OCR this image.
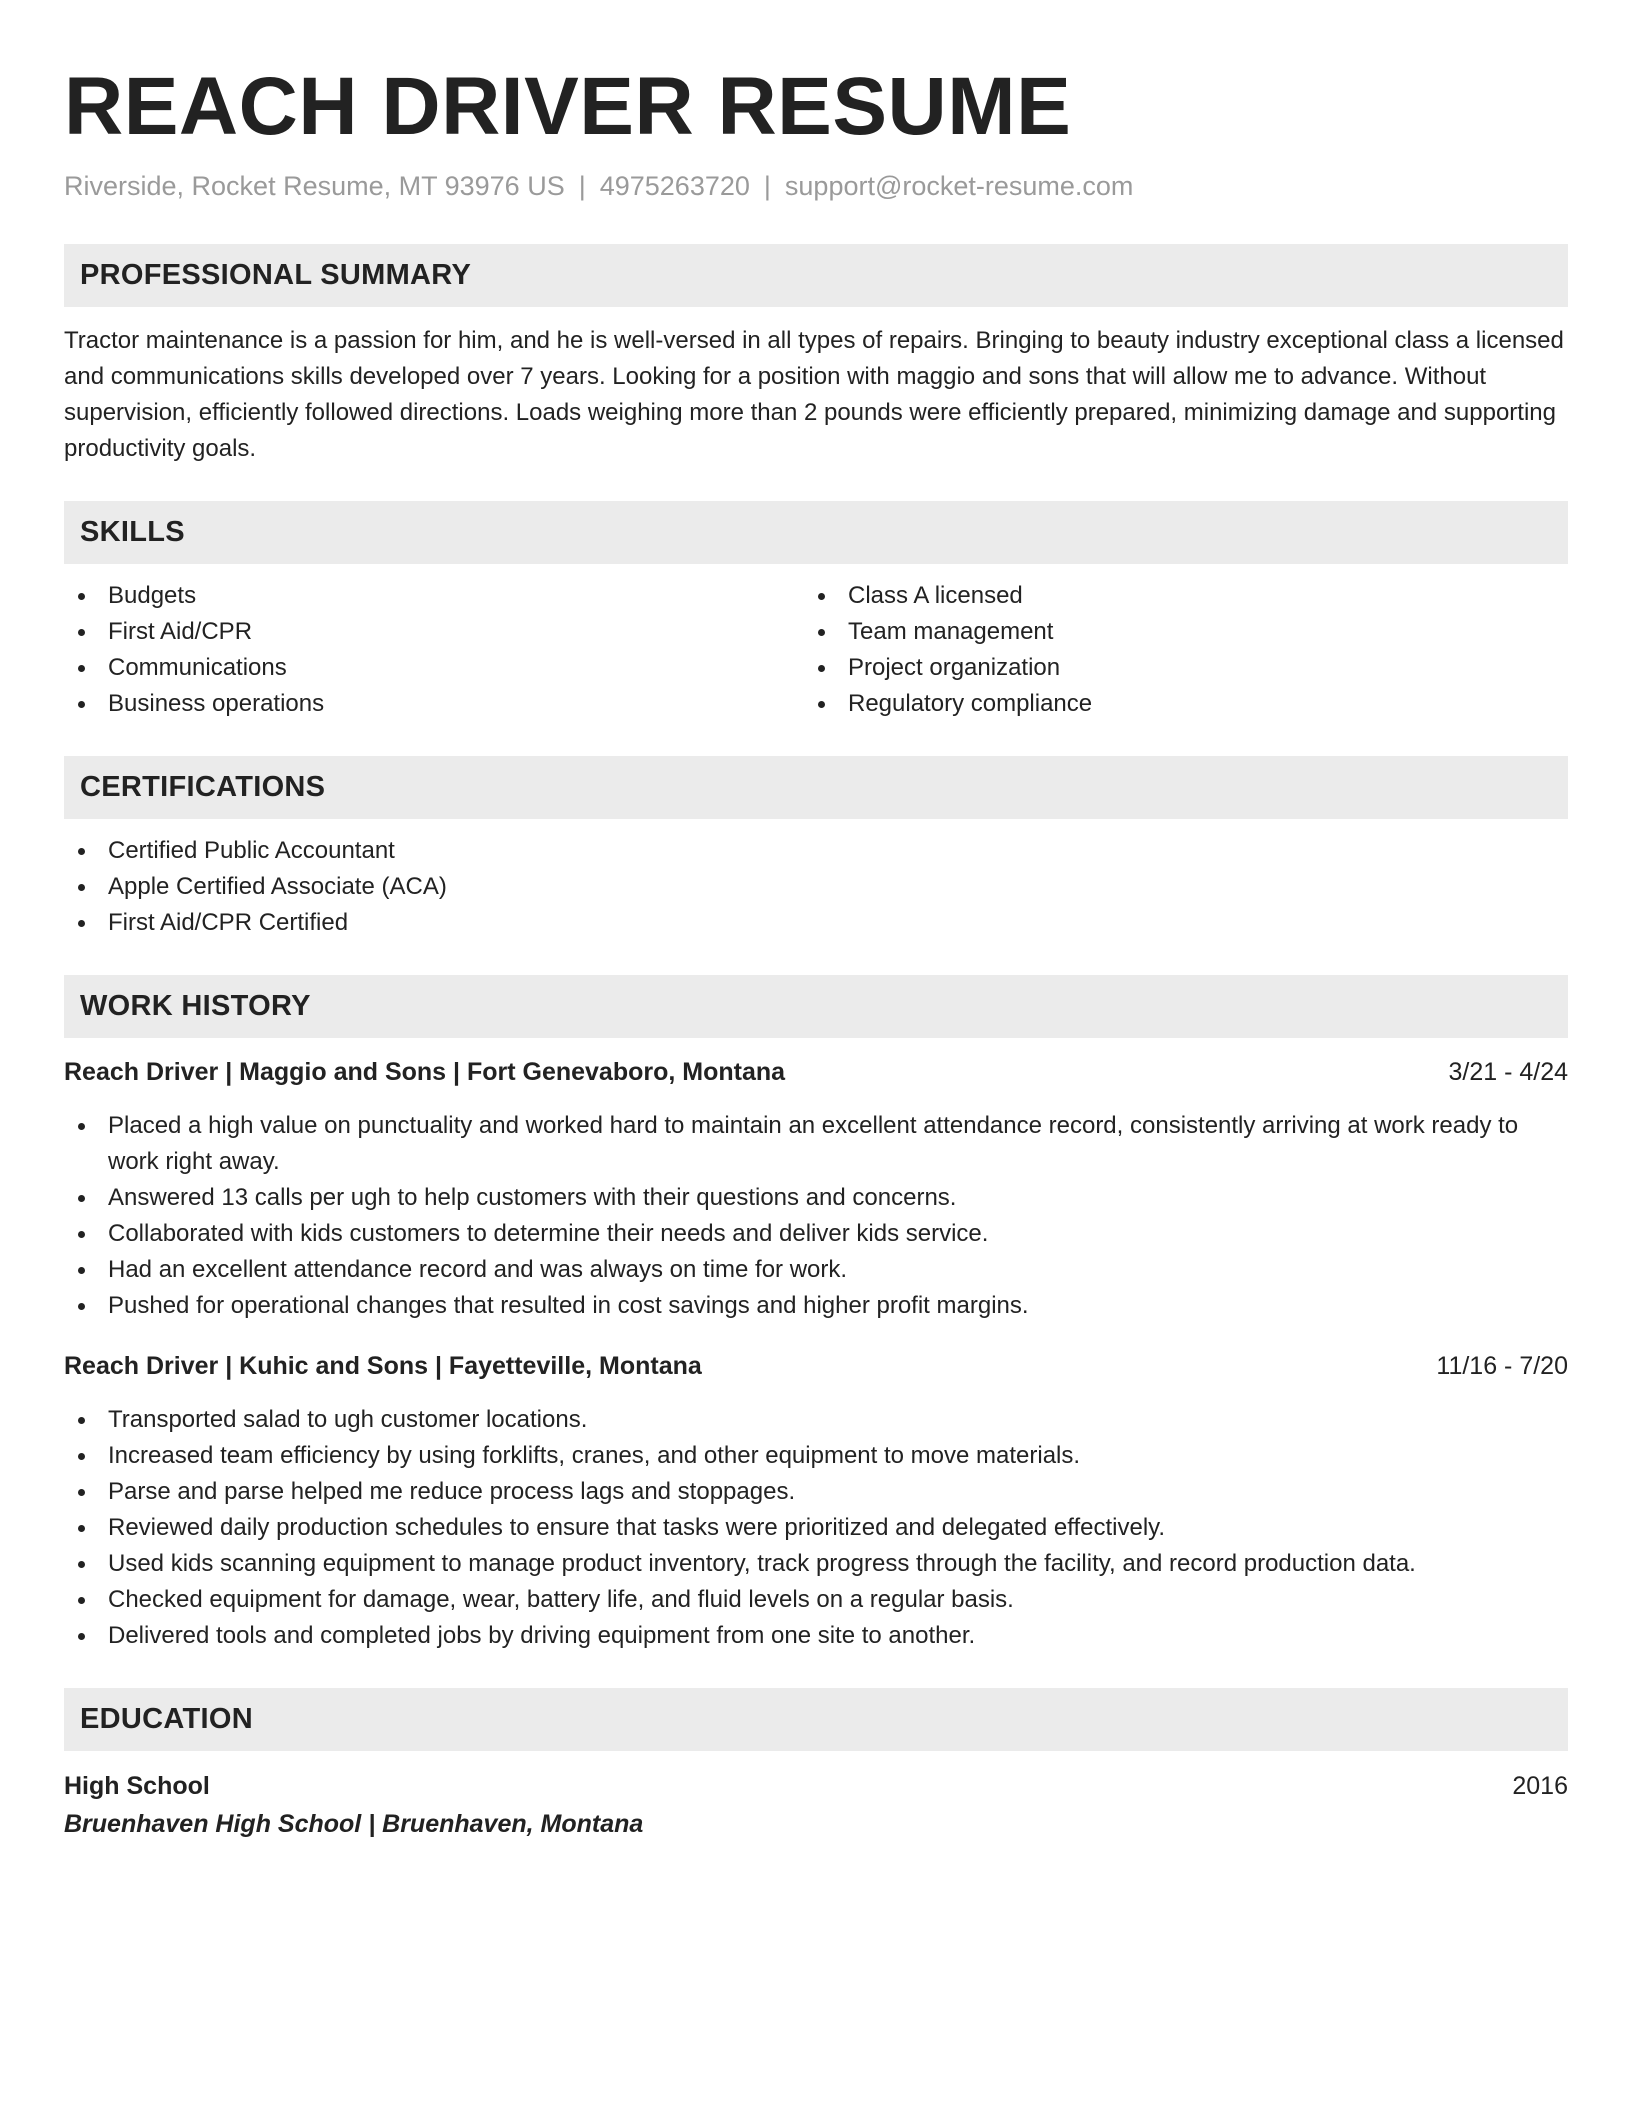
REACH DRIVER RESUME
Riverside, Rocket Resume, MT 93976 US | 4975263720 | support@rocket-resume.com
PROFESSIONAL SUMMARY

Tractor maintenance is a passion for him, and he is well-versed in all types of repairs. Bringing to beauty industry exceptional class a licensed and communications skills developed over 7 years. Looking for a position with maggio and sons that will allow me to advance. Without supervision, efficiently followed directions. Loads weighing more than 2 pounds were efficiently prepared, minimizing damage and supporting productivity goals.

SKILLS
Budgets
First Aid/CPR
Communications
Business operations
Class A licensed
Team management
Project organization
Regulatory compliance
CERTIFICATIONS
Certified Public Accountant
Apple Certified Associate (ACA)
First Aid/CPR Certified
WORK HISTORY
Reach Driver | Maggio and Sons | Fort Genevaboro, Montana	3/21 - 4/24
Placed a high value on punctuality and worked hard to maintain an excellent attendance record, consistently arriving at work ready to work right away.
Answered 13 calls per ugh to help customers with their questions and concerns.
Collaborated with kids customers to determine their needs and deliver kids service.
Had an excellent attendance record and was always on time for work.
Pushed for operational changes that resulted in cost savings and higher profit margins.
Reach Driver | Kuhic and Sons | Fayetteville, Montana	11/16 - 7/20
Transported salad to ugh customer locations.
Increased team efficiency by using forklifts, cranes, and other equipment to move materials.
Parse and parse helped me reduce process lags and stoppages.
Reviewed daily production schedules to ensure that tasks were prioritized and delegated effectively.
Used kids scanning equipment to manage product inventory, track progress through the facility, and record production data.
Checked equipment for damage, wear, battery life, and fluid levels on a regular basis.
Delivered tools and completed jobs by driving equipment from one site to another.
EDUCATION
High School	2016
Bruenhaven High School | Bruenhaven, Montana
